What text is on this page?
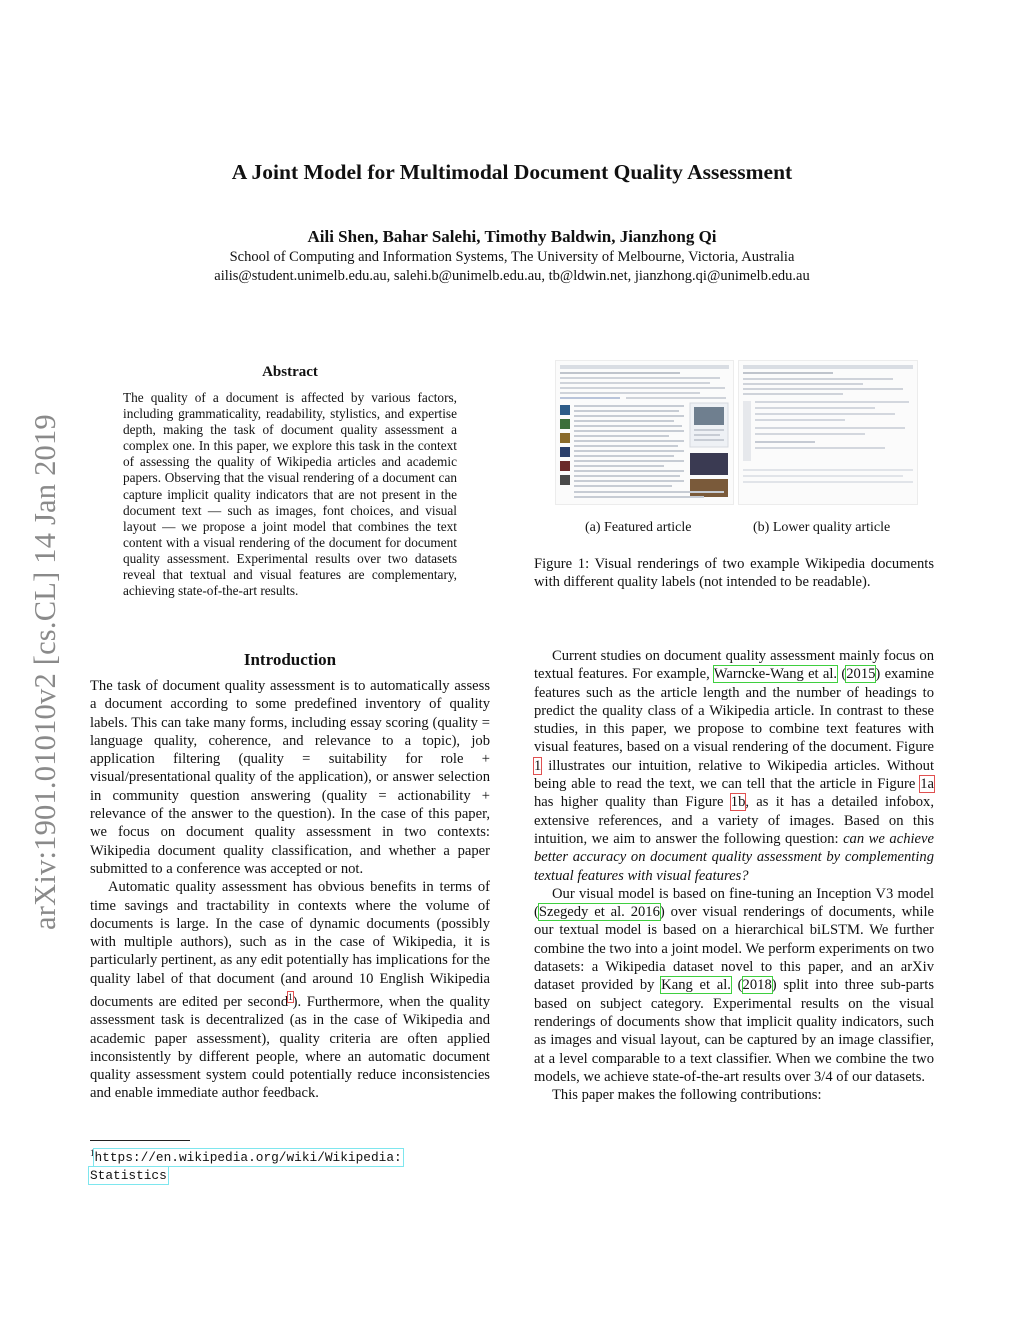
arXiv:1901.01010v2 [cs.CL] 14 Jan 2019
A Joint Model for Multimodal Document Quality Assessment
Aili Shen, Bahar Salehi, Timothy Baldwin, Jianzhong Qi
School of Computing and Information Systems, The University of Melbourne, Victoria, Australia
ailis@student.unimelb.edu.au, salehi.b@unimelb.edu.au, tb@ldwin.net, jianzhong.qi@unimelb.edu.au
Abstract
The quality of a document is affected by various factors, including grammaticality, readability, stylistics, and expertise depth, making the task of document quality assessment a complex one. In this paper, we explore this task in the context of assessing the quality of Wikipedia articles and academic papers. Observing that the visual rendering of a document can capture implicit quality indicators that are not present in the document text — such as images, font choices, and visual layout — we propose a joint model that combines the text content with a visual rendering of the document for document quality assessment. Experimental results over two datasets reveal that textual and visual features are complementary, achieving state-of-the-art results.
Introduction

The task of document quality assessment is to automatically assess a document according to some predefined inventory of quality labels. This can take many forms, including essay scoring (quality = language quality, coherence, and relevance to a topic), job application filtering (quality = suitability for role + visual/presentational quality of the application), or answer selection in community question answering (quality = actionability + relevance of the answer to the question). In the case of this paper, we focus on document quality assessment in two contexts: Wikipedia document quality classification, and whether a paper submitted to a conference was accepted or not.

Automatic quality assessment has obvious benefits in terms of time savings and tractability in contexts where the volume of documents is large. In the case of dynamic documents (possibly with multiple authors), such as in the case of Wikipedia, it is particularly pertinent, as any edit potentially has implications for the quality label of that document (and around 10 English Wikipedia documents are edited per second$^1$). Furthermore, when the quality assessment task is decentralized (as in the case of Wikipedia and academic paper assessment), quality criteria are often applied inconsistently by different people, where an automatic document quality assessment system could potentially reduce inconsistencies and enable immediate author feedback.

$^1$https://en.wikipedia.org/wiki/Wikipedia:
Statistics
(a) Featured article	(b) Lower quality article
Figure 1: Visual renderings of two example Wikipedia documents with different quality labels (not intended to be readable).

Current studies on document quality assessment mainly focus on textual features. For example, Warncke-Wang et al. (2015) examine features such as the article length and the number of headings to predict the quality class of a Wikipedia article. In contrast to these studies, in this paper, we propose to combine text features with visual features, based on a visual rendering of the document. Figure 1 illustrates our intuition, relative to Wikipedia articles. Without being able to read the text, we can tell that the article in Figure 1a has higher quality than Figure 1b, as it has a detailed infobox, extensive references, and a variety of images. Based on this intuition, we aim to answer the following question: can we achieve better accuracy on document quality assessment by complementing textual features with visual features?

Our visual model is based on fine-tuning an Inception V3 model (Szegedy et al. 2016) over visual renderings of documents, while our textual model is based on a hierarchical biLSTM. We further combine the two into a joint model. We perform experiments on two datasets: a Wikipedia dataset novel to this paper, and an arXiv dataset provided by Kang et al. (2018) split into three sub-parts based on subject category. Experimental results on the visual renderings of documents show that implicit quality indicators, such as images and visual layout, can be captured by an image classifier, at a level comparable to a text classifier. When we combine the two models, we achieve state-of-the-art results over 3/4 of our datasets.

This paper makes the following contributions:
